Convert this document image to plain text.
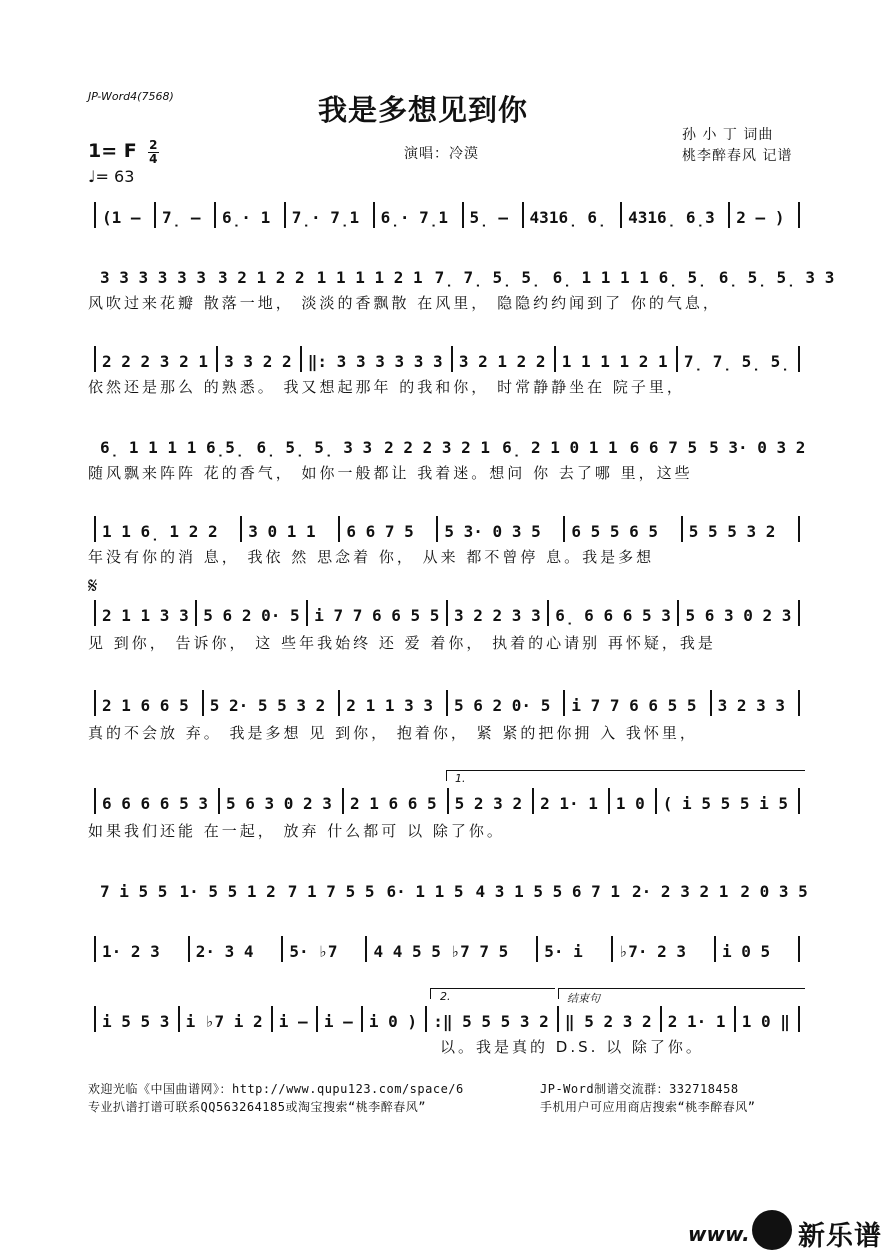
JP-Word4(7568)	我是多想见到你
孙 小 丁 词曲
桃李醉春风 记谱
1= F $\frac{2}{4}$	演唱：冷漠
♩= 63
(1 – 7̣ – 6̣· 1 7̣· 7̣1 6̣· 7̣1 5̣ – 4316̣ 6̣ 4316̣ 6̣3 2 – )
3 3 3 3 3 3 3 2 1 2 2 1 1 1 1 2 1 7̣ 7̣ 5̣ 5̣ 6̣ 1 1 1 1 6̣ 5̣ 6̣ 5̣ 5̣ 3 3
风吹过来花瓣 散落一地， 淡淡的香飘散 在风里， 隐隐约约闻到了 你的气息，
2 2 2 3 2 1 3 3 2 2 ‖: 3 3 3 3 3 3 3 2 1 2 2 1 1 1 1 2 1 7̣ 7̣ 5̣ 5̣
依然还是那么 的熟悉。 我又想起那年 的我和你， 时常静静坐在 院子里，
6̣ 1 1 1 1 6̣5̣ 6̣ 5̣ 5̣ 3 3 2 2 2 3 2 1 6̣ 2 1 0 1 1 6 6 7 5 5 3· 0 3 2
随风飘来阵阵 花的香气， 如你一般都让 我着迷。想问 你 去了哪 里，这些
1 1 6̣ 1 2 2 3 0 1 1 6 6 7 5 5 3· 0 3 5 6 5 5 6 5 5 5 5 3 2
年没有你的消 息， 我依 然 思念着 你， 从来 都不曾停 息。我是多想
𝄋
2 1 1 3 3 5 6 2 0· 5 i 7 7 6 6 5 5 3 2 2 3 3 6̣ 6 6 6 5 3 5 6 3 0 2 3
见 到你， 告诉你， 这 些年我始终 还 爱 着你， 执着的心请别 再怀疑，我是
2 1 6 6 5 5 2· 5 5 3 2 2 1 1 3 3 5 6 2 0· 5 i 7 7 6 6 5 5 3 2 3 3
真的不会放 弃。 我是多想 见 到你， 抱着你， 紧 紧的把你拥 入 我怀里，
1.
6 6 6 6 5 3 5 6 3 0 2 3 2 1 6 6 5 5 2 3 2 2 1· 1 1 0 ( i 5 5 5 i 5
如果我们还能 在一起， 放弃 什么都可 以 除了你。
7 i 5 5 1· 5 5 1 2 7 1 7 5 5 6· 1 1 5 4 3 1 5 5 6 7 1 2· 2 3 2 1 2 0 3 5
1· 2 3 2· 3 4 5· ♭7 4 4 5 5 ♭7 7 5 5· i ♭7· 2 3 i 0 5
2.	结束句
i 5 5 3 i ♭7 i 2 i – i – i 0 ) :‖ 5 5 5 3 2 ‖ 5 2 3 2 2 1· 1 1 0 ‖
以。我是真的 D.S. 以 除了你。
欢迎光临《中国曲谱网》：http://www.qupu123.com/space/6
专业扒谱打谱可联系QQ563264185或淘宝搜索“桃李醉春风”
JP-Word制谱交流群：332718458
手机用户可应用商店搜索“桃李醉春风”
www. 新乐谱
